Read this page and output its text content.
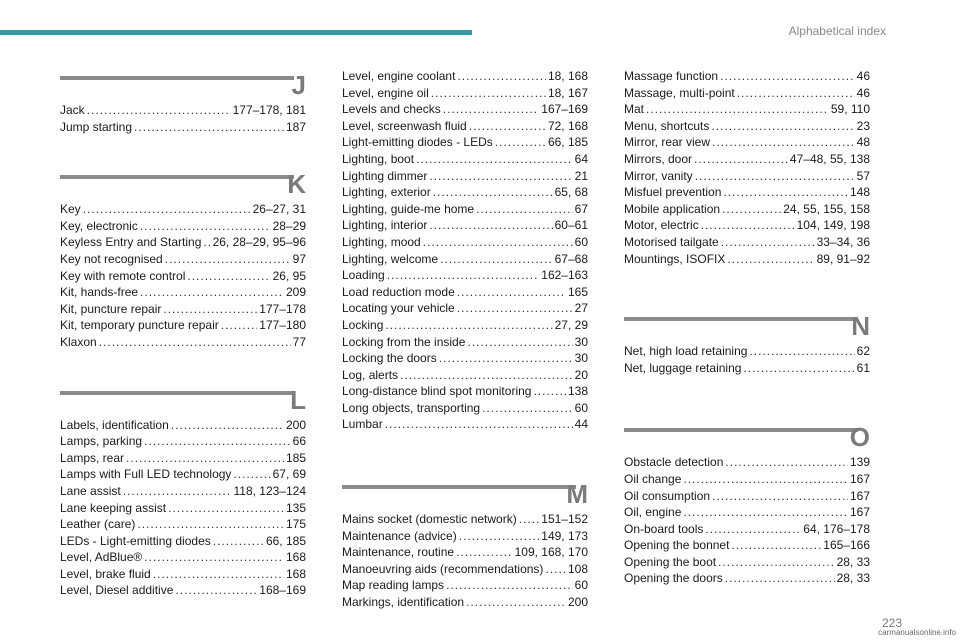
Alphabetical index
J
Jack .....	177–178, 181
Jump starting .....	187
K
Key .....	26–27, 31
Key, electronic .....	28–29
Keyless Entry and Starting ..... 26, 28–29, 95–96
Key not recognised .....	97
Key with remote control .....	26, 95
Kit, hands-free .....	209
Kit, puncture repair .....	177–178
Kit, temporary puncture repair .....	177–180
Klaxon .....	77
L
Labels, identification .....	200
Lamps, parking .....	66
Lamps, rear .....	185
Lamps with Full LED technology .....	67, 69
Lane assist .....	118, 123–124
Lane keeping assist .....	135
Leather (care) .....	175
LEDs - Light-emitting diodes .....	66, 185
Level, AdBlue® .....	168
Level, brake fluid .....	168
Level, Diesel additive .....	168–169
Level, engine coolant .....	18, 168
Level, engine oil .....	18, 167
Levels and checks .....	167–169
Level, screenwash fluid .....	72, 168
Light-emitting diodes - LEDs .....	66, 185
Lighting, boot .....	64
Lighting dimmer .....	21
Lighting, exterior .....	65, 68
Lighting, guide-me home .....	67
Lighting, interior .....	60–61
Lighting, mood .....	60
Lighting, welcome .....	67–68
Loading .....	162–163
Load reduction mode .....	165
Locating your vehicle .....	27
Locking .....	27, 29
Locking from the inside .....	30
Locking the doors .....	30
Log, alerts .....	20
Long-distance blind spot monitoring .....	138
Long objects, transporting .....	60
Lumbar .....	44
M
Mains socket (domestic network) ..... 151–152
Maintenance (advice) .....	149, 173
Maintenance, routine .....	109, 168, 170
Manoeuvring aids (recommendations) ..... 108
Map reading lamps .....	60
Markings, identification .....	200
Massage function .....	46
Massage, multi-point .....	46
Mat .....	59, 110
Menu, shortcuts .....	23
Mirror, rear view .....	48
Mirrors, door .....	47–48, 55, 138
Mirror, vanity .....	57
Misfuel prevention .....	148
Mobile application .....	24, 55, 155, 158
Motor, electric .....	104, 149, 198
Motorised tailgate .....	33–34, 36
Mountings, ISOFIX .....	89, 91–92
N
Net, high load retaining .....	62
Net, luggage retaining .....	61
O
Obstacle detection .....	139
Oil change .....	167
Oil consumption .....	167
Oil, engine .....	167
On-board tools .....	64, 176–178
Opening the bonnet .....	165–166
Opening the boot .....	28, 33
Opening the doors .....	28, 33
223
carmanualsonline.info
